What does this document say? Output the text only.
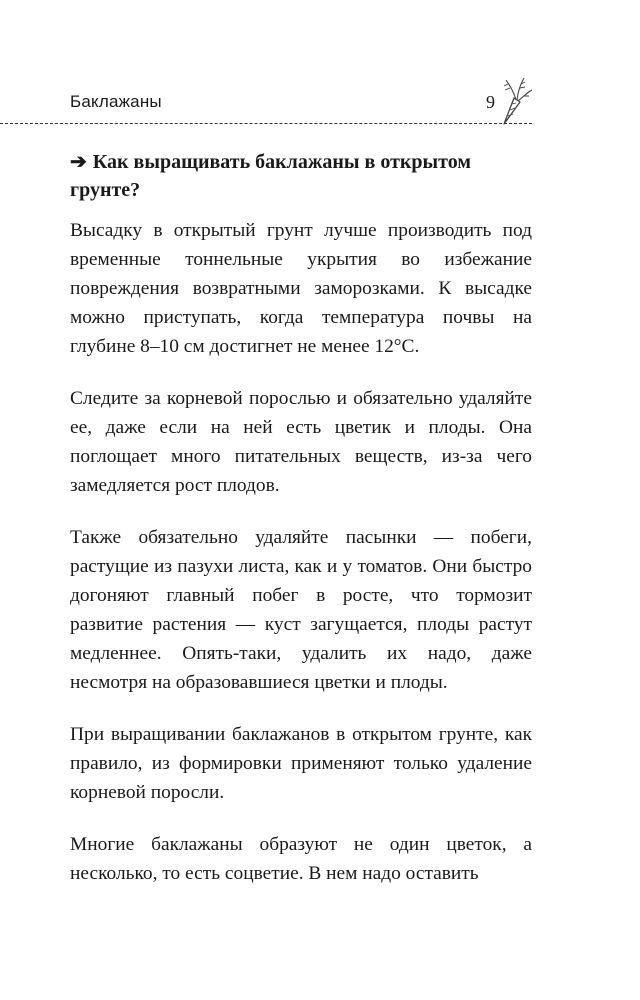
Баклажаны	9
➔ Как выращивать баклажаны в открытом грунте?

Высадку в открытый грунт лучше производить под временные тоннельные укрытия во избежание повреждения возвратными заморозками. К высадке можно приступать, когда температура почвы на глубине 8–10 см достигнет не менее 12°С.

Следите за корневой порослью и обязательно удаляйте ее, даже если на ней есть цветик и плоды. Она поглощает много питательных веществ, из-за чего замедляется рост плодов.

Также обязательно удаляйте пасынки — побеги, растущие из пазухи листа, как и у томатов. Они быстро догоняют главный побег в росте, что тормозит развитие растения — куст загущается, плоды растут медленнее. Опять-таки, удалить их надо, даже несмотря на образовавшиеся цветки и плоды.

При выращивании баклажанов в открытом грунте, как правило, из формировки применяют только удаление корневой поросли.

Многие баклажаны образуют не один цветок, а несколько, то есть соцветие. В нем надо оставить
